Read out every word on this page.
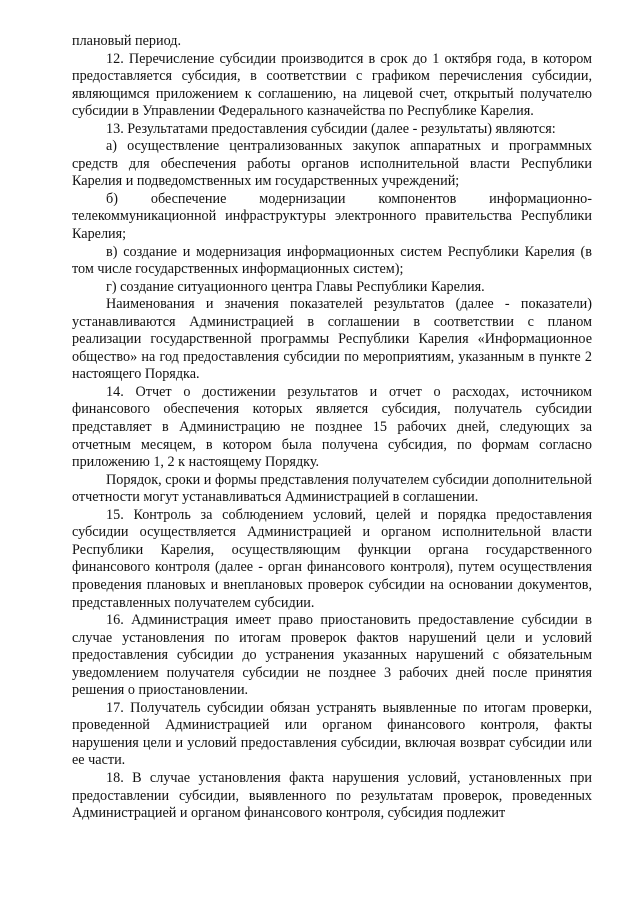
плановый период.

12. Перечисление субсидии производится в срок до 1 октября года, в котором предоставляется субсидия, в соответствии с графиком перечисления субсидии, являющимся приложением к соглашению, на лицевой счет, открытый получателю субсидии в Управлении Федерального казначейства по Республике Карелия.

13. Результатами предоставления субсидии (далее - результаты) являются:

а) осуществление централизованных закупок аппаратных и программных средств для обеспечения работы органов исполнительной власти Республики Карелия и подведомственных им государственных учреждений;

б) обеспечение модернизации компонентов информационно-телекоммуникационной инфраструктуры электронного правительства Республики Карелия;

в) создание и модернизация информационных систем Республики Карелия (в том числе государственных информационных систем);

г) создание ситуационного центра Главы Республики Карелия.

Наименования и значения показателей результатов (далее - показатели) устанавливаются Администрацией в соглашении в соответствии с планом реализации государственной программы Республики Карелия «Информационное общество» на год предоставления субсидии по мероприятиям, указанным в пункте 2 настоящего Порядка.

14. Отчет о достижении результатов и отчет о расходах, источником финансового обеспечения которых является субсидия, получатель субсидии представляет в Администрацию не позднее 15 рабочих дней, следующих за отчетным месяцем, в котором была получена субсидия, по формам согласно приложению 1, 2 к настоящему Порядку.

Порядок, сроки и формы представления получателем субсидии дополнительной отчетности могут устанавливаться Администрацией в соглашении.

15. Контроль за соблюдением условий, целей и порядка предоставления субсидии осуществляется Администрацией и органом исполнительной власти Республики Карелия, осуществляющим функции органа государственного финансового контроля (далее - орган финансового контроля), путем осуществления проведения плановых и внеплановых проверок субсидии на основании документов, представленных получателем субсидии.

16. Администрация имеет право приостановить предоставление субсидии в случае установления по итогам проверок фактов нарушений цели и условий предоставления субсидии до устранения указанных нарушений с обязательным уведомлением получателя субсидии не позднее 3 рабочих дней после принятия решения о приостановлении.

17. Получатель субсидии обязан устранять выявленные по итогам проверки, проведенной Администрацией или органом финансового контроля, факты нарушения цели и условий предоставления субсидии, включая возврат субсидии или ее части.

18. В случае установления факта нарушения условий, установленных при предоставлении субсидии, выявленного по результатам проверок, проведенных Администрацией и органом финансового контроля, субсидия подлежит
